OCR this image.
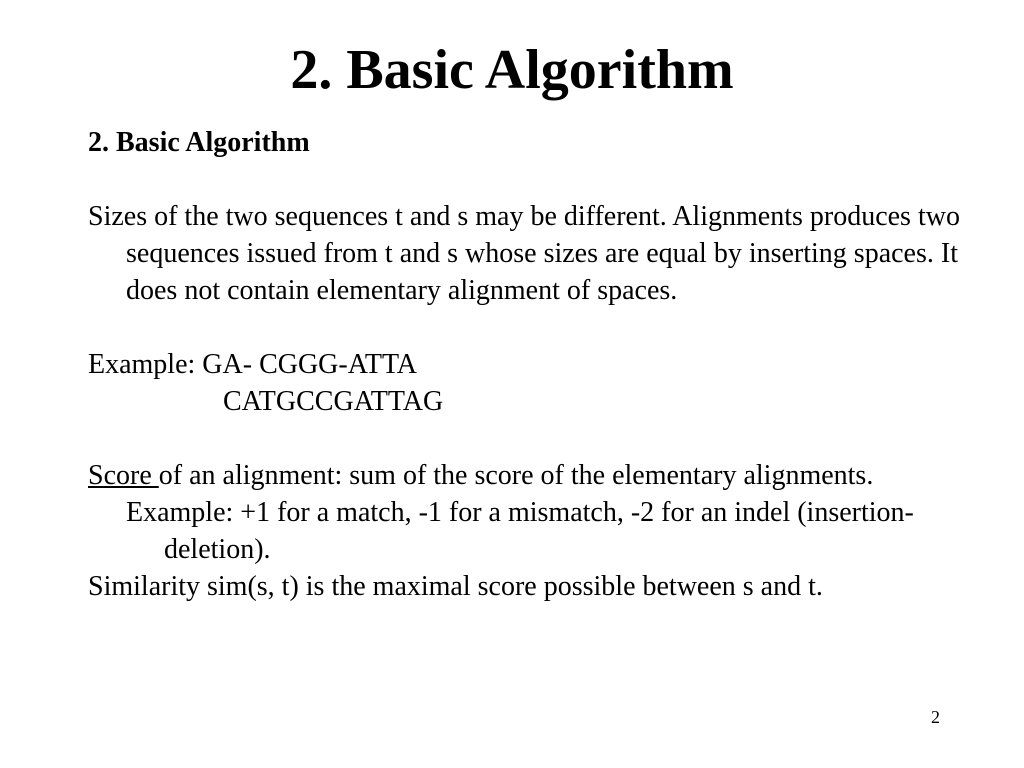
2. Basic Algorithm

2. Basic Algorithm

Sizes of the two sequences t and s may be different. Alignments produces two sequences issued from t and s whose sizes are equal by inserting spaces. It does not contain elementary alignment of spaces.

Example: GA- CGGG-ATTA

CATGCCGATTAG

Score of an alignment: sum of the score of the elementary alignments.

Example: +1 for a match, -1 for a mismatch, -2 for an indel (insertion-deletion).

Similarity sim(s, t) is the maximal score possible between s and t.

2
